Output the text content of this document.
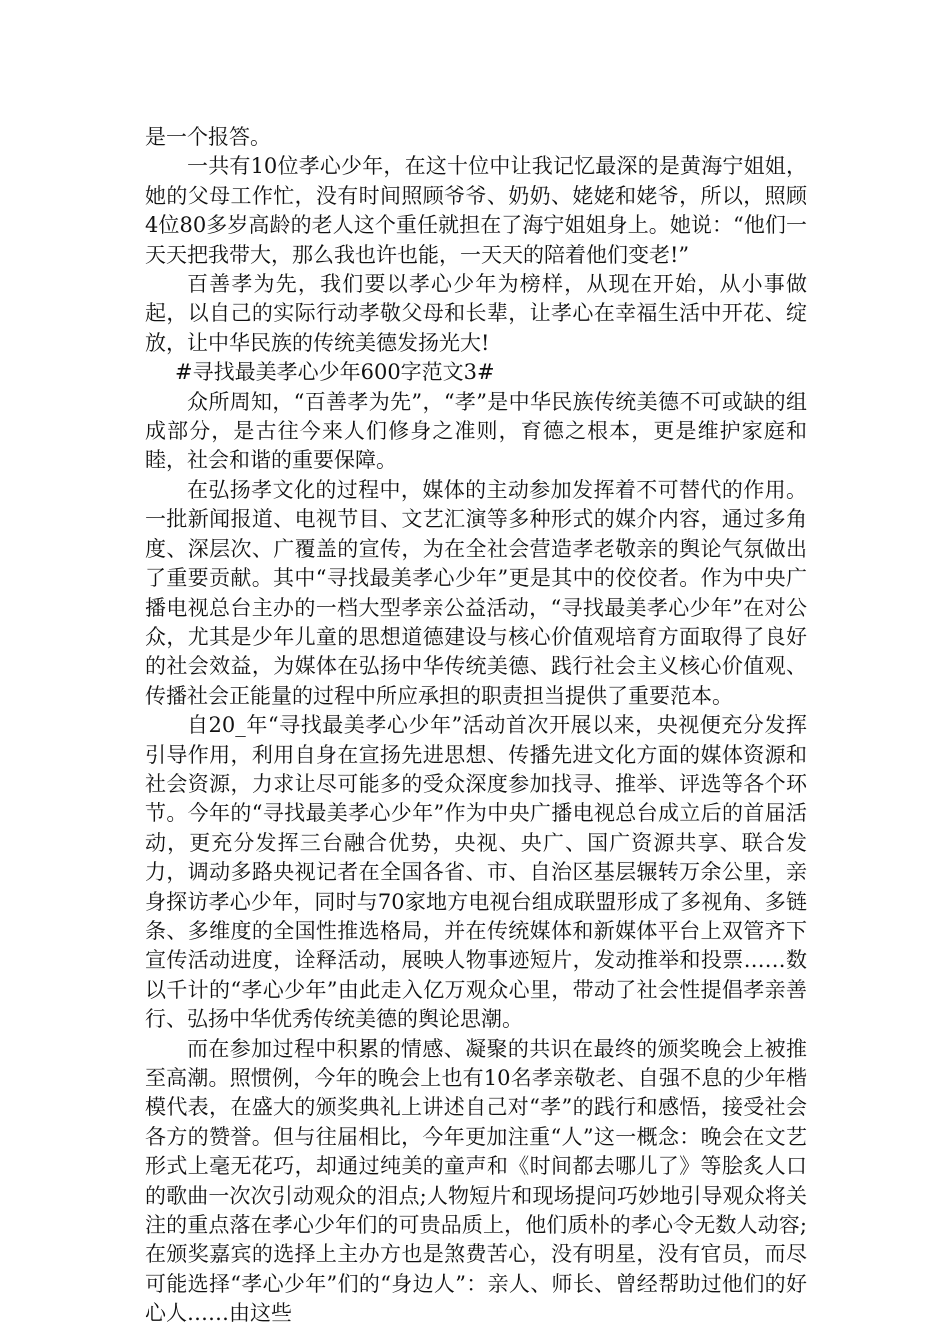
是一个报答。

一共有10位孝心少年，在这十位中让我记忆最深的是黄海宁姐姐，她的父母工作忙，没有时间照顾爷爷、奶奶、姥姥和姥爷，所以，照顾4位80多岁高龄的老人这个重任就担在了海宁姐姐身上。她说：“他们一天天把我带大，那么我也许也能，一天天的陪着他们变老!”

百善孝为先，我们要以孝心少年为榜样，从现在开始，从小事做起，以自己的实际行动孝敬父母和长辈，让孝心在幸福生活中开花、绽放，让中华民族的传统美德发扬光大!

#寻找最美孝心少年600字范文3#

众所周知，“百善孝为先”，“孝”是中华民族传统美德不可或缺的组成部分，是古往今来人们修身之准则，育德之根本，更是维护家庭和睦，社会和谐的重要保障。

在弘扬孝文化的过程中，媒体的主动参加发挥着不可替代的作用。一批新闻报道、电视节目、文艺汇演等多种形式的媒介内容，通过多角度、深层次、广覆盖的宣传，为在全社会营造孝老敬亲的舆论气氛做出了重要贡献。其中“寻找最美孝心少年”更是其中的佼佼者。作为中央广播电视总台主办的一档大型孝亲公益活动，“寻找最美孝心少年”在对公众，尤其是少年儿童的思想道德建设与核心价值观培育方面取得了良好的社会效益，为媒体在弘扬中华传统美德、践行社会主义核心价值观、传播社会正能量的过程中所应承担的职责担当提供了重要范本。

自20_年“寻找最美孝心少年”活动首次开展以来，央视便充分发挥引导作用，利用自身在宣扬先进思想、传播先进文化方面的媒体资源和社会资源，力求让尽可能多的受众深度参加找寻、推举、评选等各个环节。今年的“寻找最美孝心少年”作为中央广播电视总台成立后的首届活动，更充分发挥三台融合优势，央视、央广、国广资源共享、联合发力，调动多路央视记者在全国各省、市、自治区基层辗转万余公里，亲身探访孝心少年，同时与70家地方电视台组成联盟形成了多视角、多链条、多维度的全国性推选格局，并在传统媒体和新媒体平台上双管齐下宣传活动进度，诠释活动，展映人物事迹短片，发动推举和投票……数以千计的“孝心少年”由此走入亿万观众心里，带动了社会性提倡孝亲善行、弘扬中华优秀传统美德的舆论思潮。

而在参加过程中积累的情感、凝聚的共识在最终的颁奖晚会上被推至高潮。照惯例，今年的晚会上也有10名孝亲敬老、自强不息的少年楷模代表，在盛大的颁奖典礼上讲述自己对“孝”的践行和感悟，接受社会各方的赞誉。但与往届相比，今年更加注重“人”这一概念：晚会在文艺形式上毫无花巧，却通过纯美的童声和《时间都去哪儿了》等脍炙人口的歌曲一次次引动观众的泪点;人物短片和现场提问巧妙地引导观众将关注的重点落在孝心少年们的可贵品质上，他们质朴的孝心令无数人动容;在颁奖嘉宾的选择上主办方也是煞费苦心，没有明星，没有官员，而尽可能选择“孝心少年”们的“身边人”：亲人、师长、曾经帮助过他们的好心人……由这些
